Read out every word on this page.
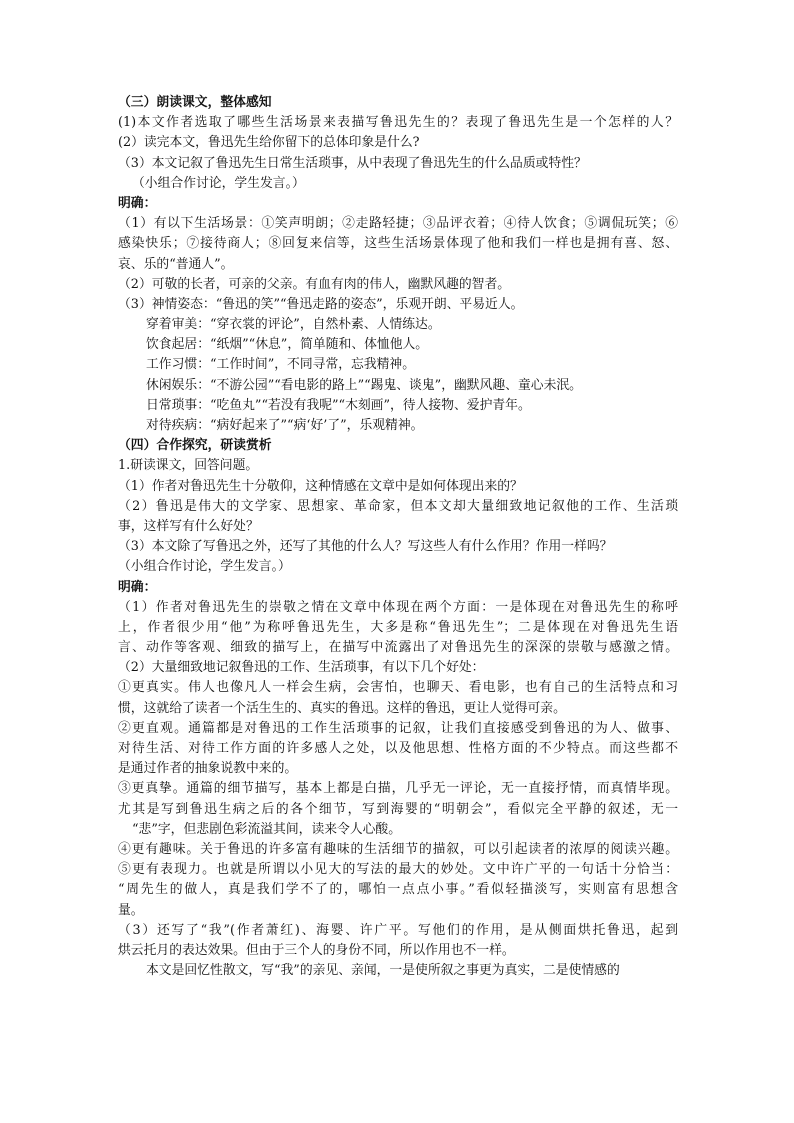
（三）朗读课文，整体感知
(1)本文作者选取了哪些生活场景来表描写鲁迅先生的？表现了鲁迅先生是一个怎样的人？
(2）读完本文，鲁迅先生给你留下的总体印象是什么?
（3）本文记叙了鲁迅先生日常生活琐事，从中表现了鲁迅先生的什么品质或特性？
（小组合作讨论，学生发言。）
明确：
（1）有以下生活场景：①笑声明朗；②走路轻捷；③品评衣着；④待人饮食；⑤调侃玩笑；⑥
感染快乐；⑦接待商人；⑧回复来信等，这些生活场景体现了他和我们一样也是拥有喜、怒、
哀、乐的“普通人”。
（2）可敬的长者，可亲的父亲。有血有肉的伟人，幽默风趣的智者。
（3）神情姿态：“鲁迅的笑”“鲁迅走路的姿态”，乐观开朗、平易近人。
穿着审美：“穿衣裳的评论”，自然朴素、人情练达。
饮食起居：“纸烟”“休息”，简单随和、体恤他人。
工作习惯：“工作时间”，不同寻常，忘我精神。
休闲娱乐：“不游公园”“看电影的路上”“踢鬼、谈鬼”，幽默风趣、童心未泯。
日常琐事：“吃鱼丸”“若没有我呢”“木刻画”，待人接物、爱护青年。
对待疾病：“病好起来了”“病‘好’了”，乐观精神。
（四）合作探究，研读赏析
1.研读课文，回答问题。
（1）作者对鲁迅先生十分敬仰，这种情感在文章中是如何体现出来的？
（2）鲁迅是伟大的文学家、思想家、革命家，但本文却大量细致地记叙他的工作、生活琐
事，这样写有什么好处？
（3）本文除了写鲁迅之外，还写了其他的什么人？写这些人有什么作用？作用一样吗？
（小组合作讨论，学生发言。）
明确：
（1）作者对鲁迅先生的崇敬之情在文章中体现在两个方面：一是体现在对鲁迅先生的称呼
上，作者很少用“他”为称呼鲁迅先生，大多是称“鲁迅先生”；二是体现在对鲁迅先生语
言、动作等客观、细致的描写上，在描写中流露出了对鲁迅先生的深深的崇敬与感激之情。
（2）大量细致地记叙鲁迅的工作、生活琐事，有以下几个好处：
①更真实。伟人也像凡人一样会生病，会害怕，也聊天、看电影，也有自己的生活特点和习
惯，这就给了读者一个活生生的、真实的鲁迅。这样的鲁迅，更让人觉得可亲。
②更直观。通篇都是对鲁迅的工作生活琐事的记叙，让我们直接感受到鲁迅的为人、做事、
对待生活、对待工作方面的许多感人之处，以及他思想、性格方面的不少特点。而这些都不
是通过作者的抽象说教中来的。
③更真挚。通篇的细节描写，基本上都是白描，几乎无一评论，无一直接抒情，而真情毕现。
尤其是写到鲁迅生病之后的各个细节，写到海婴的“明朝会”，看似完全平静的叙述，无一
“悲”字，但悲剧色彩流溢其间，读来令人心酸。
④更有趣味。关于鲁迅的许多富有趣味的生活细节的描叙，可以引起读者的浓厚的阅读兴趣。
⑤更有表现力。也就是所谓以小见大的写法的最大的妙处。文中许广平的一句话十分恰当：
“周先生的做人，真是我们学不了的，哪怕一点点小事。”看似轻描淡写，实则富有思想含
量。
（3）还写了“我”(作者萧红)、海婴、许广平。写他们的作用，是从侧面烘托鲁迅，起到
烘云托月的表达效果。但由于三个人的身份不同，所以作用也不一样。
本文是回忆性散文，写“我”的亲见、亲闻，一是使所叙之事更为真实，二是使情感的
